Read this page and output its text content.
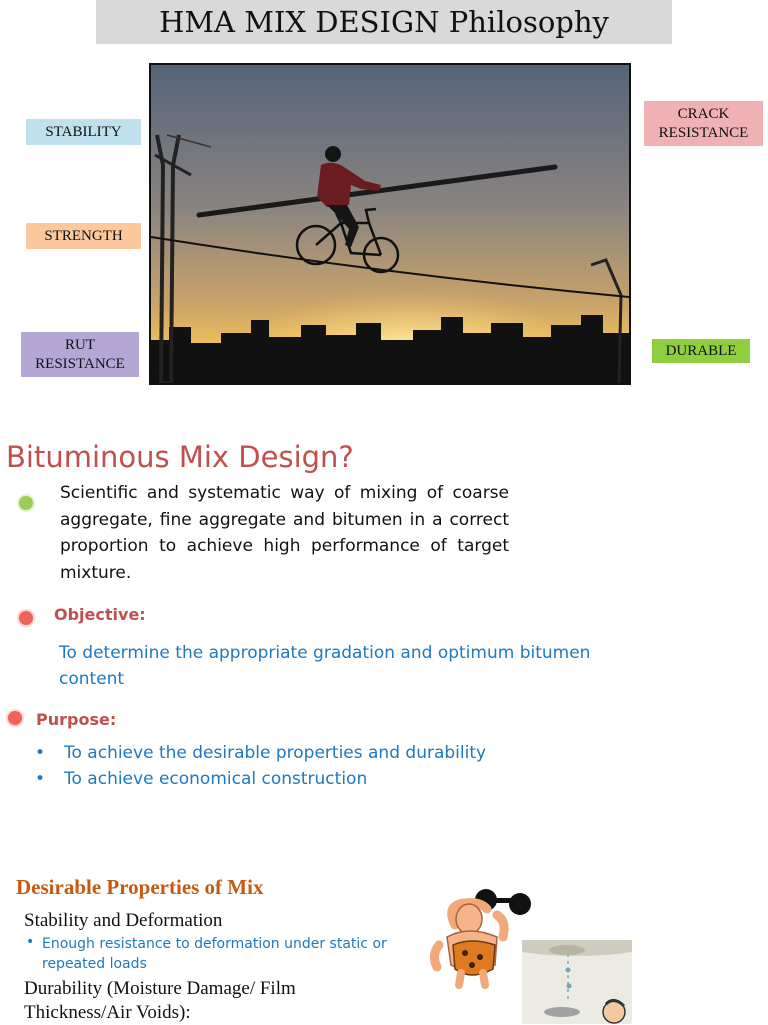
HMA MIX DESIGN Philosophy
STABILITY
STRENGTH
RUT
RESISTANCE
CRACK
RESISTANCE
DURABLE
Bituminous Mix Design?
Scientific and systematic way of mixing of coarse aggregate, fine aggregate and bitumen in a correct proportion to achieve high performance of target mixture.
Objective:
To determine the appropriate gradation and optimum bitumen content
Purpose:
• To achieve the desirable properties and durability
• To achieve economical construction
Desirable Properties of Mix
Stability and Deformation
• Enough resistance to deformation under static or repeated loads
Durability (Moisture Damage/ Film Thickness/Air Voids):
